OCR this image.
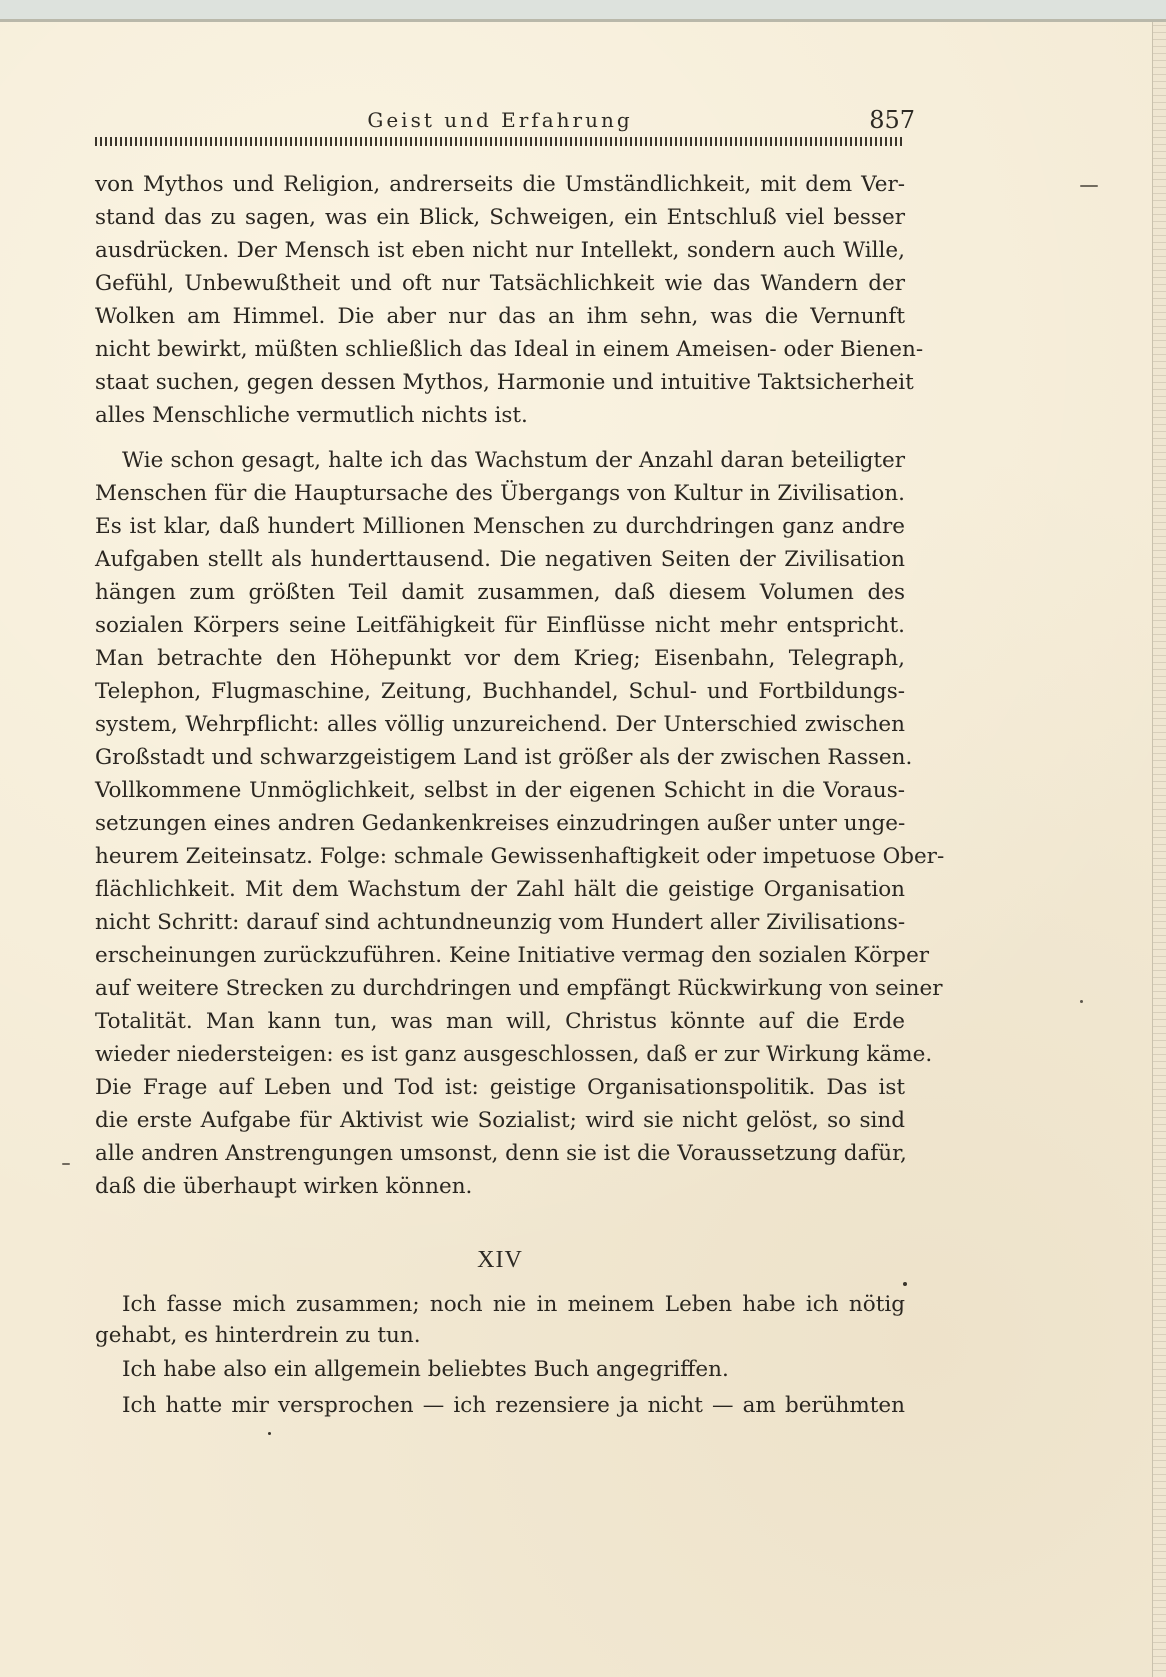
Geist und Erfahrung	857
von Mythos und Religion, andrerseits die Umständlichkeit, mit dem Ver-
stand das zu sagen, was ein Blick, Schweigen, ein Entschluß viel besser
ausdrücken. Der Mensch ist eben nicht nur Intellekt, sondern auch Wille,
Gefühl, Unbewußtheit und oft nur Tatsächlichkeit wie das Wandern der
Wolken am Himmel. Die aber nur das an ihm sehn, was die Vernunft
nicht bewirkt, müßten schließlich das Ideal in einem Ameisen- oder Bienen-
staat suchen, gegen dessen Mythos, Harmonie und intuitive Taktsicherheit
alles Menschliche vermutlich nichts ist.
Wie schon gesagt, halte ich das Wachstum der Anzahl daran beteiligter
Menschen für die Hauptursache des Übergangs von Kultur in Zivilisation.
Es ist klar, daß hundert Millionen Menschen zu durchdringen ganz andre
Aufgaben stellt als hunderttausend. Die negativen Seiten der Zivilisation
hängen zum größten Teil damit zusammen, daß diesem Volumen des
sozialen Körpers seine Leitfähigkeit für Einflüsse nicht mehr entspricht.
Man betrachte den Höhepunkt vor dem Krieg; Eisenbahn, Telegraph,
Telephon, Flugmaschine, Zeitung, Buchhandel, Schul- und Fortbildungs-
system, Wehrpflicht: alles völlig unzureichend. Der Unterschied zwischen
Großstadt und schwarzgeistigem Land ist größer als der zwischen Rassen.
Vollkommene Unmöglichkeit, selbst in der eigenen Schicht in die Voraus-
setzungen eines andren Gedankenkreises einzudringen außer unter unge-
heurem Zeiteinsatz. Folge: schmale Gewissenhaftigkeit oder impetuose Ober-
flächlichkeit. Mit dem Wachstum der Zahl hält die geistige Organisation
nicht Schritt: darauf sind achtundneunzig vom Hundert aller Zivilisations-
erscheinungen zurückzuführen. Keine Initiative vermag den sozialen Körper
auf weitere Strecken zu durchdringen und empfängt Rückwirkung von seiner
Totalität. Man kann tun, was man will, Christus könnte auf die Erde
wieder niedersteigen: es ist ganz ausgeschlossen, daß er zur Wirkung käme.
Die Frage auf Leben und Tod ist: geistige Organisationspolitik. Das ist
die erste Aufgabe für Aktivist wie Sozialist; wird sie nicht gelöst, so sind
alle andren Anstrengungen umsonst, denn sie ist die Voraussetzung dafür,
daß die überhaupt wirken können.
XIV
Ich fasse mich zusammen; noch nie in meinem Leben habe ich nötig
gehabt, es hinterdrein zu tun.
Ich habe also ein allgemein beliebtes Buch angegriffen.
Ich hatte mir versprochen — ich rezensiere ja nicht — am berühmten
